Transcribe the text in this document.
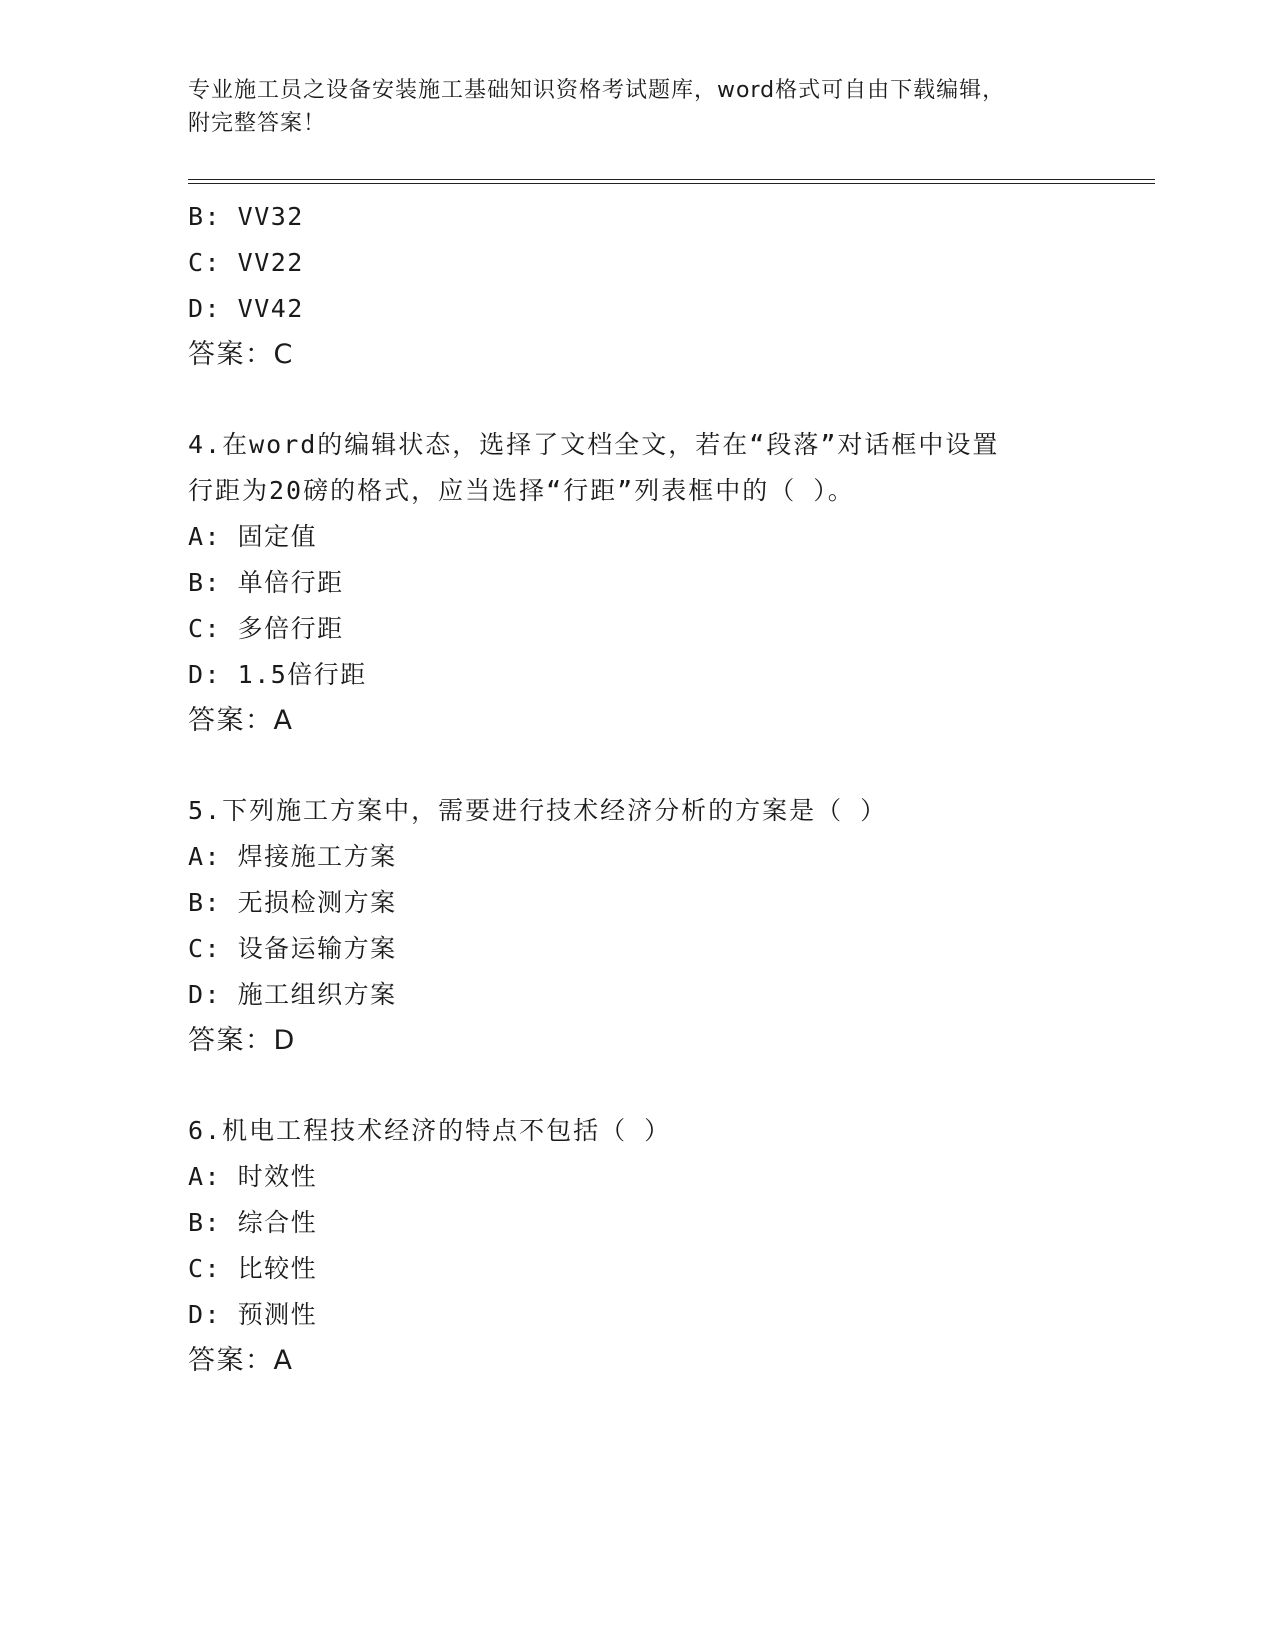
专业施工员之设备安装施工基础知识资格考试题库，word格式可自由下载编辑，
附完整答案！
B: VV32
C: VV22
D: VV42
答案：C
4.在word的编辑状态，选择了文档全文，若在“段落”对话框中设置
行距为20磅的格式，应当选择“行距”列表框中的（ ）。
A: 固定值
B: 单倍行距
C: 多倍行距
D: 1.5倍行距
答案：A
5.下列施工方案中，需要进行技术经济分析的方案是（ ）
A: 焊接施工方案
B: 无损检测方案
C: 设备运输方案
D: 施工组织方案
答案：D
6.机电工程技术经济的特点不包括（ ）
A: 时效性
B: 综合性
C: 比较性
D: 预测性
答案：A
